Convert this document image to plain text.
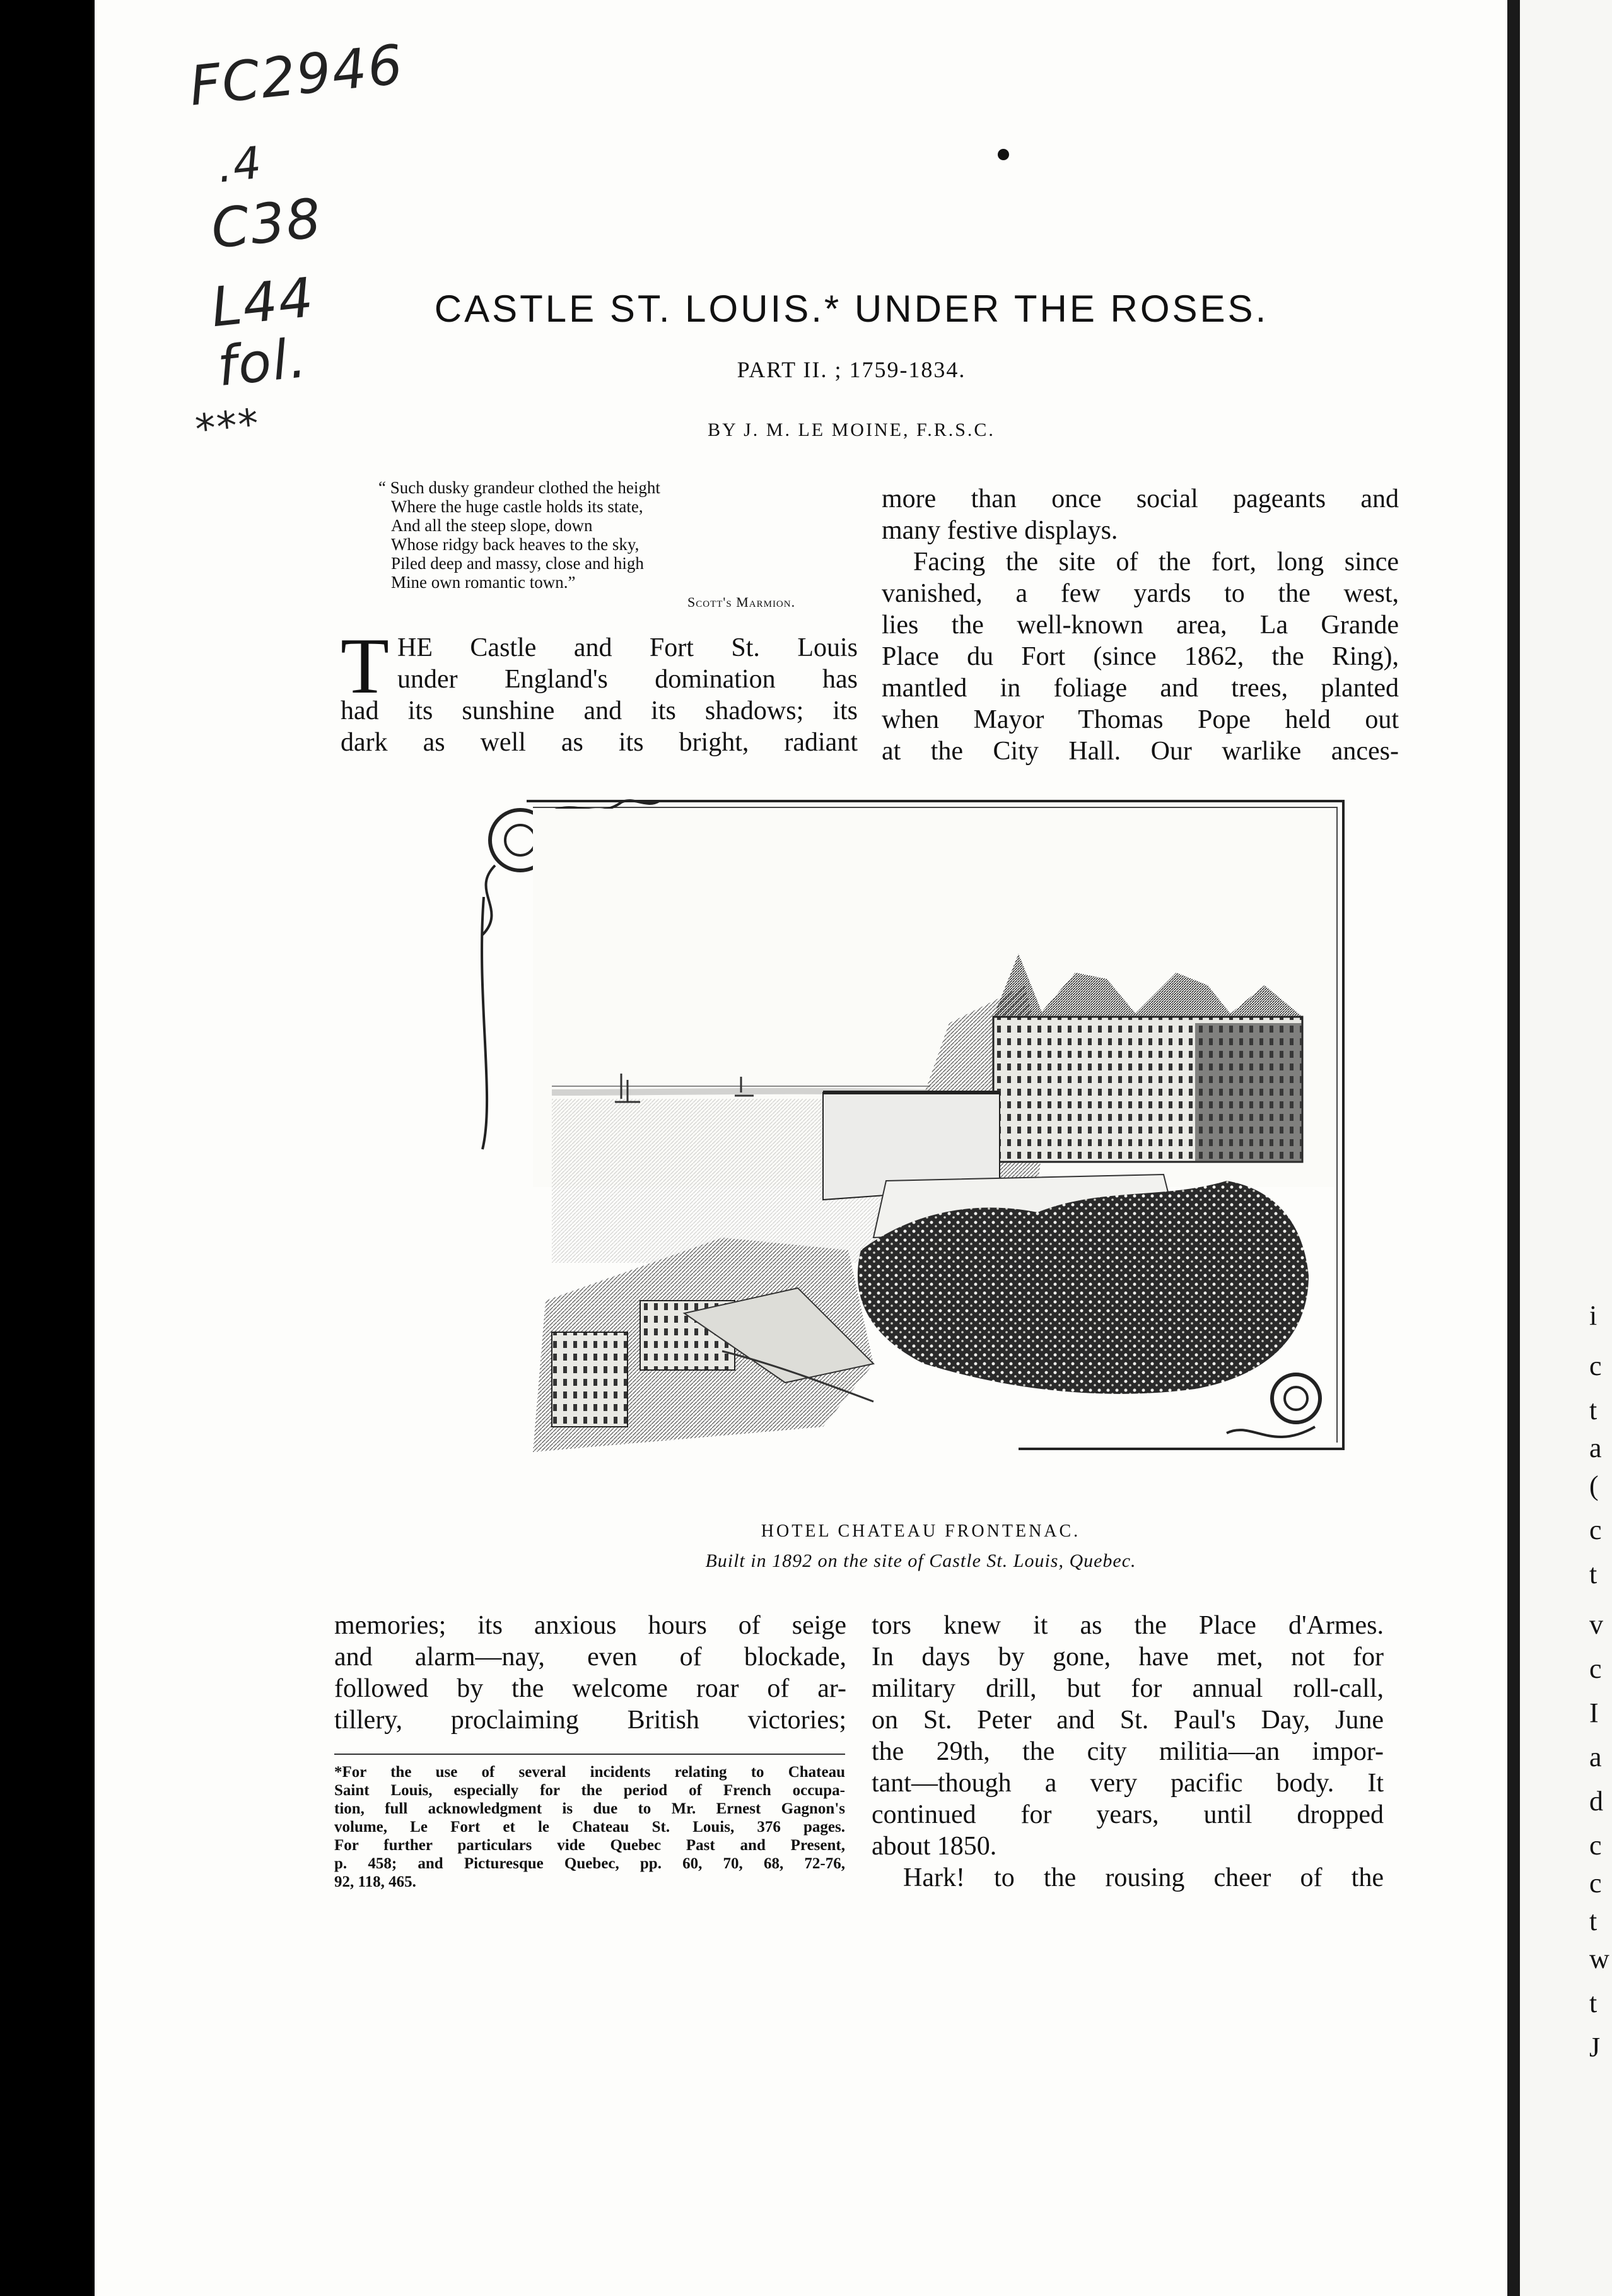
i
c
t
a
(
c
t
v
c
I
a
d
c
c
t
w
t
J
FC2946
.4
C38
L44
fol.
***
CASTLE ST. LOUIS.* UNDER THE ROSES.
PART II. ; 1759-1834.
BY J. M. LE MOINE, F.R.S.C.
“ Such dusky grandeur clothed the height
Where the huge castle holds its state,
And all the steep slope, down
Whose ridgy back heaves to the sky,
Piled deep and massy, close and high
Mine own romantic town.”
Scott's Marmion.
T HE Castle and Fort St. Louis
under England's domination has
had its sunshine and its shadows; its
dark as well as its bright, radiant
more than once social pageants and
many festive displays.
Facing the site of the fort, long since
vanished, a few yards to the west,
lies the well-known area, La Grande
Place du Fort (since 1862, the Ring),
mantled in foliage and trees, planted
when Mayor Thomas Pope held out
at the City Hall. Our warlike ances-
HOTEL CHATEAU FRONTENAC.
Built in 1892 on the site of Castle St. Louis, Quebec.
memories; its anxious hours of seige
and alarm—nay, even of blockade,
followed by the welcome roar of ar-
tillery, proclaiming British victories;
*For the use of several incidents relating to Chateau
Saint Louis, especially for the period of French occupa-
tion, full acknowledgment is due to Mr. Ernest Gagnon's
volume, Le Fort et le Chateau St. Louis, 376 pages.
For further particulars vide Quebec Past and Present,
p. 458; and Picturesque Quebec, pp. 60, 70, 68, 72-76,
92, 118, 465.
tors knew it as the Place d'Armes.
In days by gone, have met, not for
military drill, but for annual roll-call,
on St. Peter and St. Paul's Day, June
the 29th, the city militia—an impor-
tant—though a very pacific body. It
continued for years, until dropped
about 1850.
Hark! to the rousing cheer of the
